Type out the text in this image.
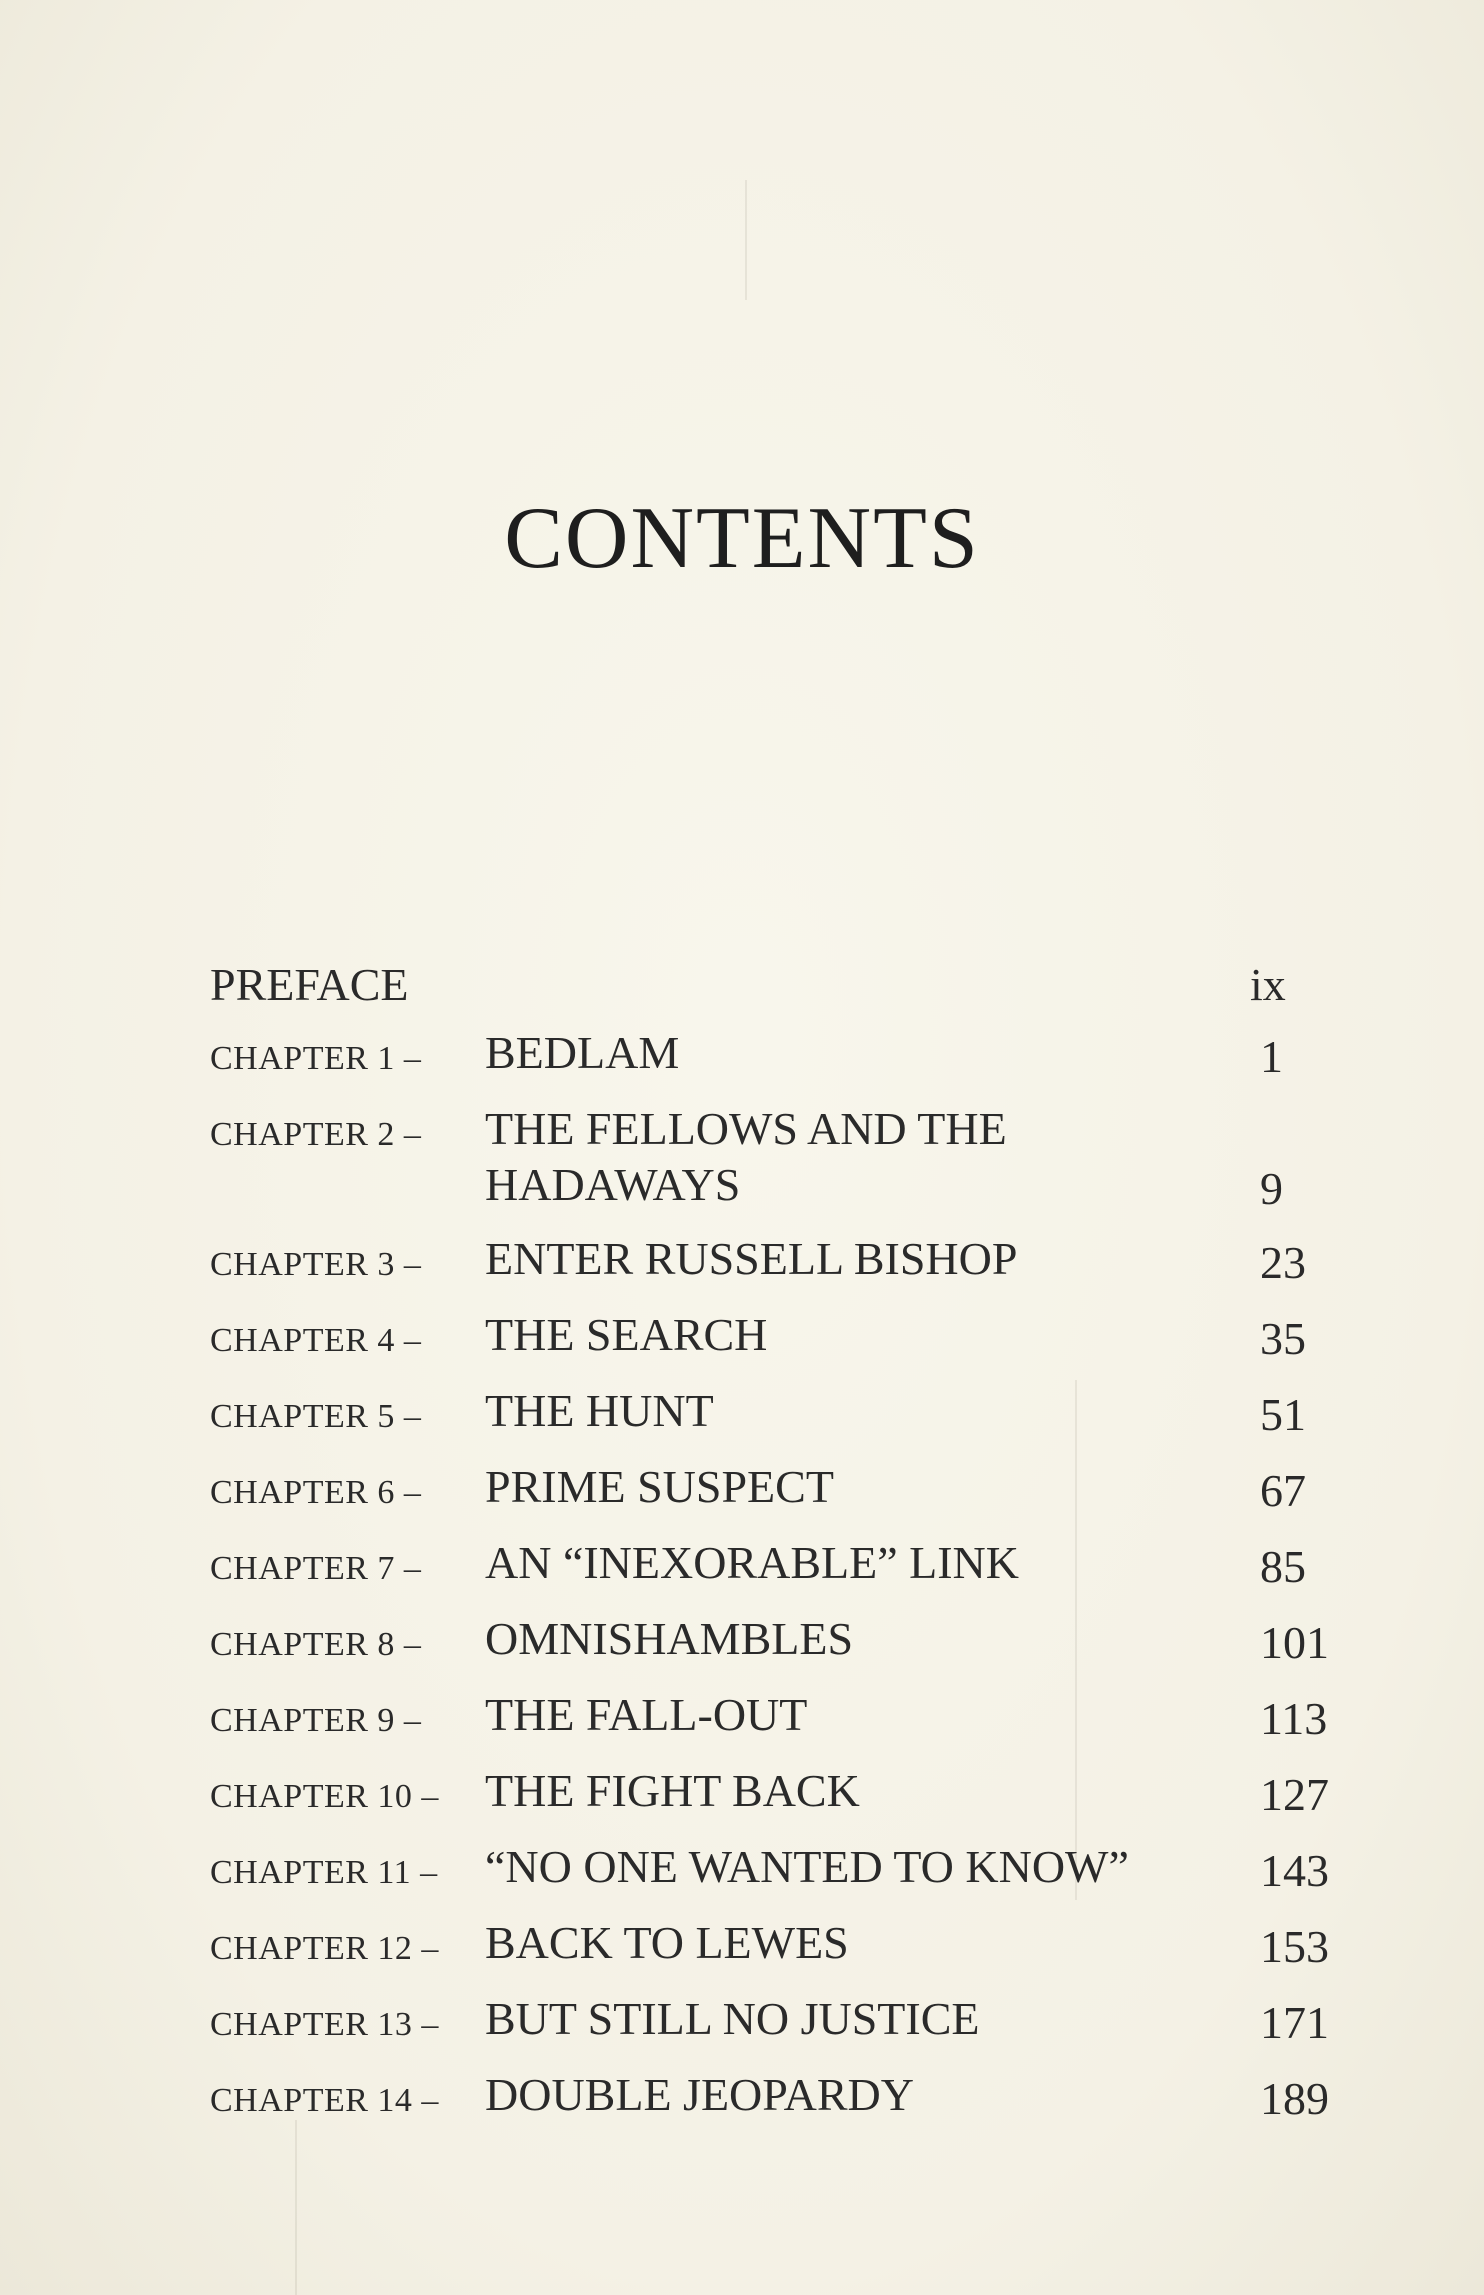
CONTENTS
PREFACE	ix
CHAPTER 1 – BEDLAM	1
CHAPTER 2 – THE FELLOWS AND THE
HADAWAYS	9
CHAPTER 3 – ENTER RUSSELL BISHOP	23
CHAPTER 4 – THE SEARCH	35
CHAPTER 5 – THE HUNT	51
CHAPTER 6 – PRIME SUSPECT	67
CHAPTER 7 – AN “INEXORABLE” LINK	85
CHAPTER 8 – OMNISHAMBLES	101
CHAPTER 9 – THE FALL-OUT	113
CHAPTER 10 – THE FIGHT BACK	127
CHAPTER 11 – “NO ONE WANTED TO KNOW”	143
CHAPTER 12 – BACK TO LEWES	153
CHAPTER 13 – BUT STILL NO JUSTICE	171
CHAPTER 14 – DOUBLE JEOPARDY	189
